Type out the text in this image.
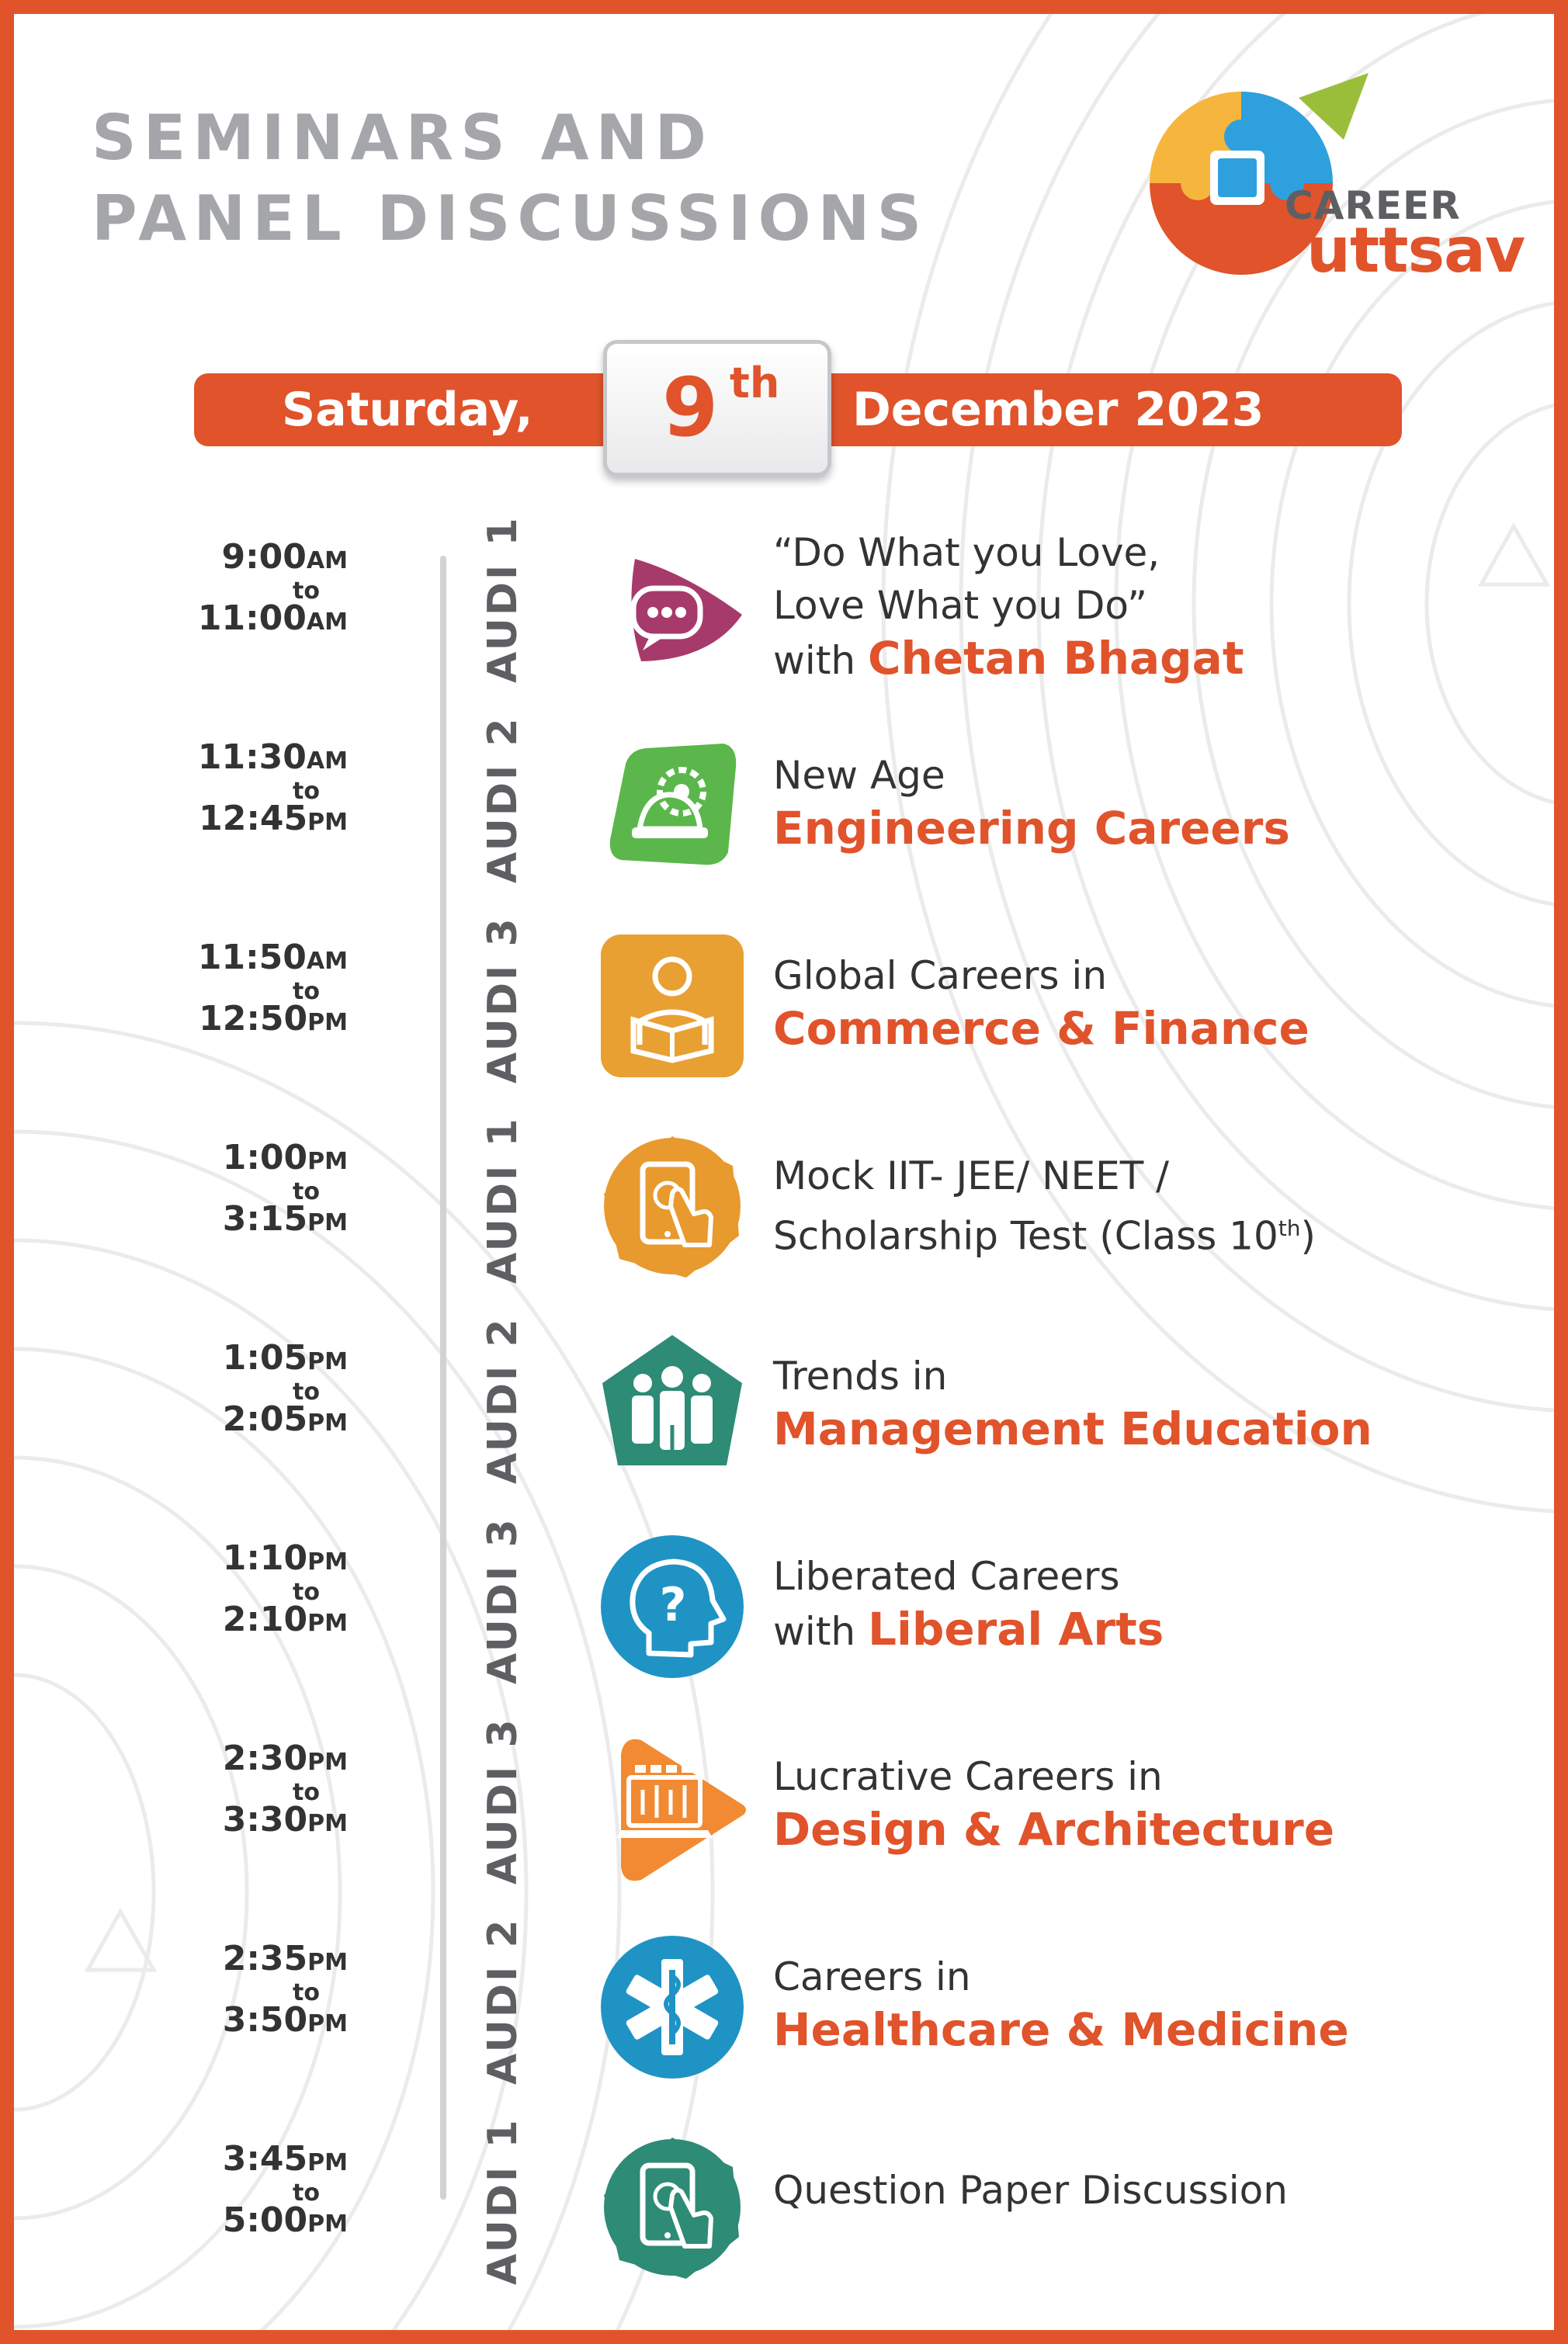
SEMINARS AND
PANEL DISCUSSIONS	CAREER
uttsav
Saturday,	December 2023
9 th
9:00AM
to
11:00AM	AUDI 1	“Do What you Love,
Love What you Do”
with Chetan Bhagat
11:30AM
to
12:45PM	AUDI 2	New Age
Engineering Careers
11:50AM
to
12:50PM	AUDI 3	Global Careers in
Commerce & Finance
1:00PM
to
3:15PM	AUDI 1	Mock IIT- JEE/ NEET /
Scholarship Test (Class 10th)
1:05PM
to
2:05PM	AUDI 2	Trends in
Management Education
1:10PM
to
2:10PM	AUDI 3	?
Liberated Careers
with Liberal Arts
2:30PM
to
3:30PM	AUDI 3	Lucrative Careers in
Design & Architecture
2:35PM
to
3:50PM	AUDI 2	Careers in
Healthcare & Medicine
3:45PM
to
5:00PM	AUDI 1	Question Paper Discussion
